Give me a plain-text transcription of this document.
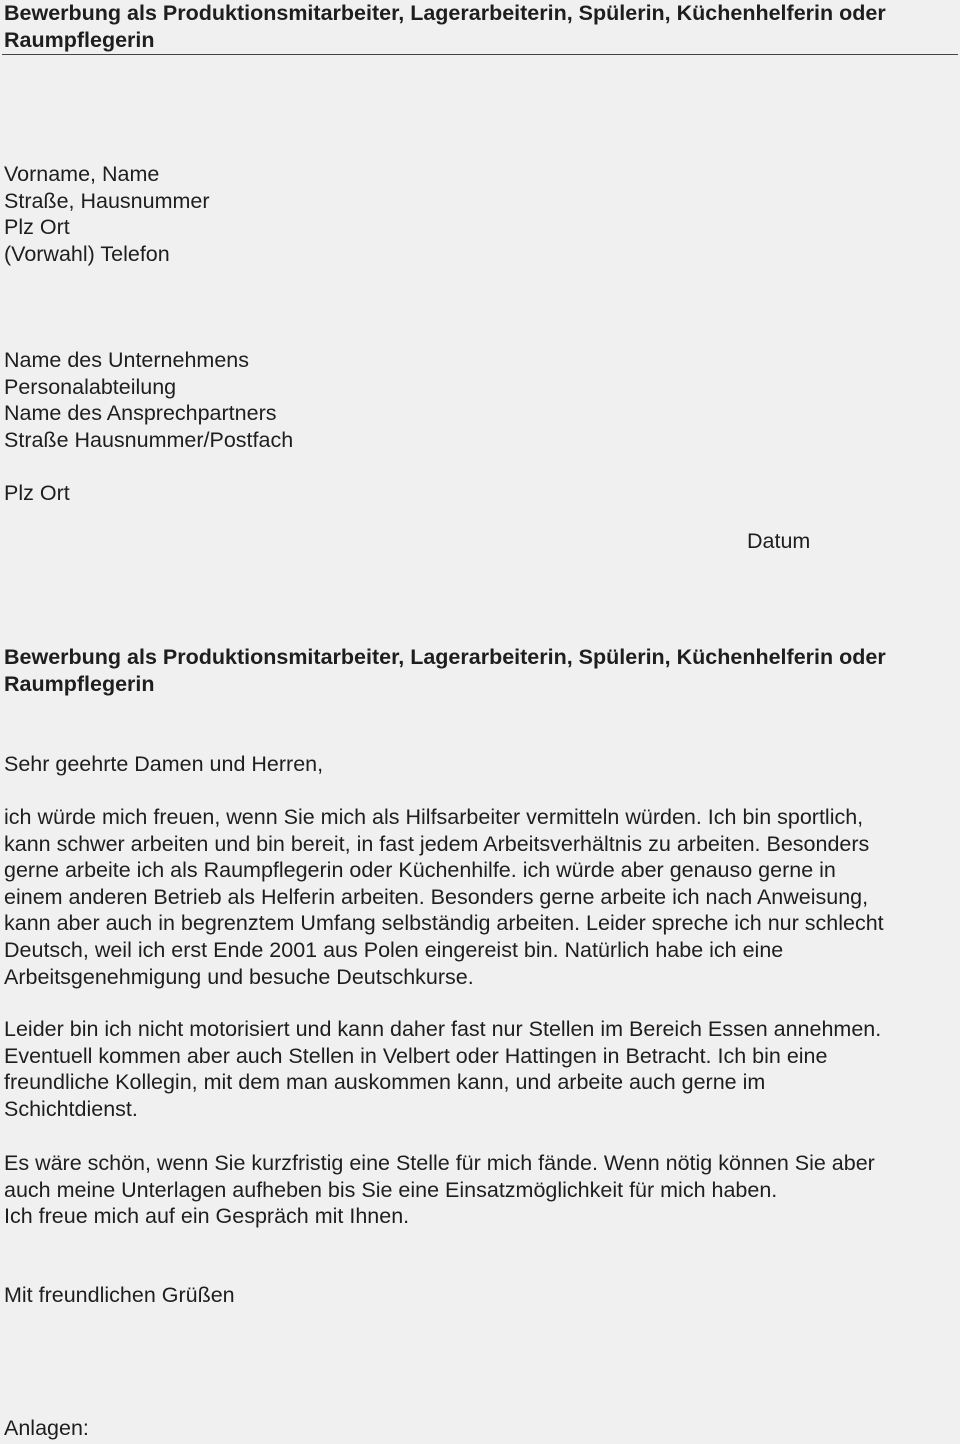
Bewerbung als Produktionsmitarbeiter, Lagerarbeiterin, Spülerin, Küchenhelferin oder
Raumpflegerin
Vorname, Name
Straße, Hausnummer
Plz Ort
(Vorwahl) Telefon
Name des Unternehmens
Personalabteilung
Name des Ansprechpartners
Straße Hausnummer/Postfach
Plz Ort
Datum
Bewerbung als Produktionsmitarbeiter, Lagerarbeiterin, Spülerin, Küchenhelferin oder
Raumpflegerin
Sehr geehrte Damen und Herren,
ich würde mich freuen, wenn Sie mich als Hilfsarbeiter vermitteln würden. Ich bin sportlich,
kann schwer arbeiten und bin bereit, in fast jedem Arbeitsverhältnis zu arbeiten. Besonders
gerne arbeite ich als Raumpflegerin oder Küchenhilfe. ich würde aber genauso gerne in
einem anderen Betrieb als Helferin arbeiten. Besonders gerne arbeite ich nach Anweisung,
kann aber auch in begrenztem Umfang selbständig arbeiten. Leider spreche ich nur schlecht
Deutsch, weil ich erst Ende 2001 aus Polen eingereist bin. Natürlich habe ich eine
Arbeitsgenehmigung und besuche Deutschkurse.
Leider bin ich nicht motorisiert und kann daher fast nur Stellen im Bereich Essen annehmen.
Eventuell kommen aber auch Stellen in Velbert oder Hattingen in Betracht. Ich bin eine
freundliche Kollegin, mit dem man auskommen kann, und arbeite auch gerne im
Schichtdienst.
Es wäre schön, wenn Sie kurzfristig eine Stelle für mich fände. Wenn nötig können Sie aber
auch meine Unterlagen aufheben bis Sie eine Einsatzmöglichkeit für mich haben.
Ich freue mich auf ein Gespräch mit Ihnen.
Mit freundlichen Grüßen
Anlagen:
